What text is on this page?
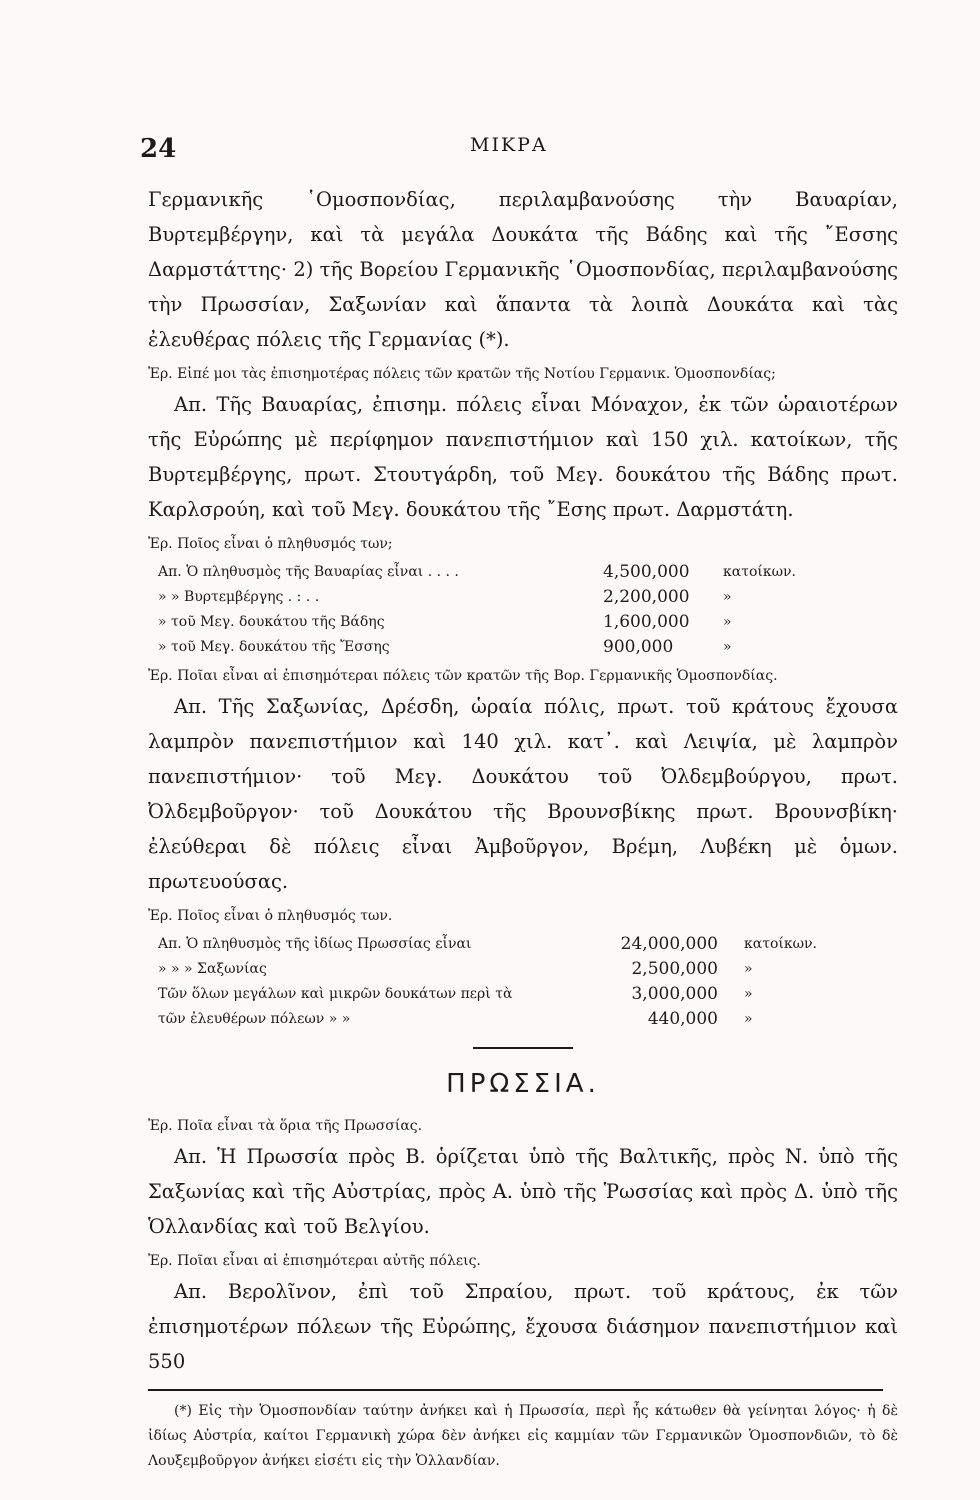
24	ΜΙΚΡΑ

Γερμανικῆς ῾Ομοσπονδίας, περιλαμβανούσης τὴν Βαυαρίαν, Βυρτεμβέργην, καὶ τὰ μεγάλα Δουκάτα τῆς Βάδης καὶ τῆς ῎Εσσης Δαρμστάττης· 2) τῆς Βορείου Γερμανικῆς ῾Ομοσπονδίας, περιλαμβανούσης τὴν Πρωσσίαν, Σαξωνίαν καὶ ἅπαντα τὰ λοιπὰ Δουκάτα καὶ τὰς ἐλευθέρας πόλεις τῆς Γερμανίας (*).

Ἐρ. Εἰπέ μοι τὰς ἐπισημοτέρας πόλεις τῶν κρατῶν τῆς Νοτίου Γερμανικ. Ὁμοσπονδίας;

Απ. Τῆς Βαυαρίας, ἐπισημ. πόλεις εἶναι Μόναχον, ἐκ τῶν ὡραιοτέρων τῆς Εὐρώπης μὲ περίφημον πανεπιστήμιον καὶ 150 χιλ. κατοίκων, τῆς Βυρτεμβέργης, πρωτ. Στουτγάρδη, τοῦ Μεγ. δουκάτου τῆς Βάδης πρωτ. Καρλσρούη, καὶ τοῦ Μεγ. δουκάτου τῆς ῎Εσης πρωτ. Δαρμστάτη.

Ἐρ. Ποῖος εἶναι ὁ πληθυσμός των;

Απ. Ὁ πληθυσμὸς τῆς Βαυαρίας εἶναι . . . .	4,500,000	κατοίκων.
» » Βυρτεμβέργης . : . .	2,200,000	»
» τοῦ Μεγ. δουκάτου τῆς Βάδης	1,600,000	»
» τοῦ Μεγ. δουκάτου τῆς Ἔσσης	900,000	»

Ἐρ. Ποῖαι εἶναι αἱ ἐπισημότεραι πόλεις τῶν κρατῶν τῆς Βορ. Γερμανικῆς Ὁμοσπονδίας.

Απ. Τῆς Σαξωνίας, Δρέσδη, ὡραία πόλις, πρωτ. τοῦ κράτους ἔχουσα λαμπρὸν πανεπιστήμιον καὶ 140 χιλ. κατ᾽. καὶ Λειψία, μὲ λαμπρὸν πανεπιστήμιον· τοῦ Μεγ. Δουκάτου τοῦ Ὀλδεμβούργου, πρωτ. Ὀλδεμβοῦργον· τοῦ Δουκάτου τῆς Βρουνσβίκης πρωτ. Βρουνσβίκη· ἐλεύθεραι δὲ πόλεις εἶναι Ἀμβοῦργον, Βρέμη, Λυβέκη μὲ ὁμων. πρωτευούσας.

Ἐρ. Ποῖος εἶναι ὁ πληθυσμός των.

Απ. Ὁ πληθυσμὸς τῆς ἰδίως Πρωσσίας εἶναι	24,000,000	κατοίκων.
» » » Σαξωνίας	2,500,000	»
Τῶν ὅλων μεγάλων καὶ μικρῶν δουκάτων περὶ τὰ	3,000,000	»
τῶν ἐλευθέρων πόλεων » »	440,000	»

ΠΡΩΣΣΙΑ.

Ἐρ. Ποῖα εἶναι τὰ ὅρια τῆς Πρωσσίας.

Απ. Ἡ Πρωσσία πρὸς Β. ὁρίζεται ὑπὸ τῆς Βαλτικῆς, πρὸς Ν. ὑπὸ τῆς Σαξωνίας καὶ τῆς Αὐστρίας, πρὸς Α. ὑπὸ τῆς Ῥωσσίας καὶ πρὸς Δ. ὑπὸ τῆς Ὁλλανδίας καὶ τοῦ Βελγίου.

Ἐρ. Ποῖαι εἶναι αἱ ἐπισημότεραι αὐτῆς πόλεις.

Απ. Βερολῖνον, ἐπὶ τοῦ Σπραίου, πρωτ. τοῦ κράτους, ἐκ τῶν ἐπισημοτέρων πόλεων τῆς Εὐρώπης, ἔχουσα διάσημον πανεπιστήμιον καὶ 550

(*) Εἰς τὴν Ὁμοσπονδίαν ταύτην ἀνήκει καὶ ἡ Πρωσσία, περὶ ἧς κάτωθεν θὰ γείνηται λόγος· ἡ δὲ ἰδίως Αὐστρία, καίτοι Γερμανικὴ χώρα δὲν ἀνήκει εἰς καμμίαν τῶν Γερμανικῶν Ὁμοσπονδιῶν, τὸ δὲ Λουξεμβοῦργον ἀνήκει εἰσέτι εἰς τὴν Ὁλλανδίαν.
